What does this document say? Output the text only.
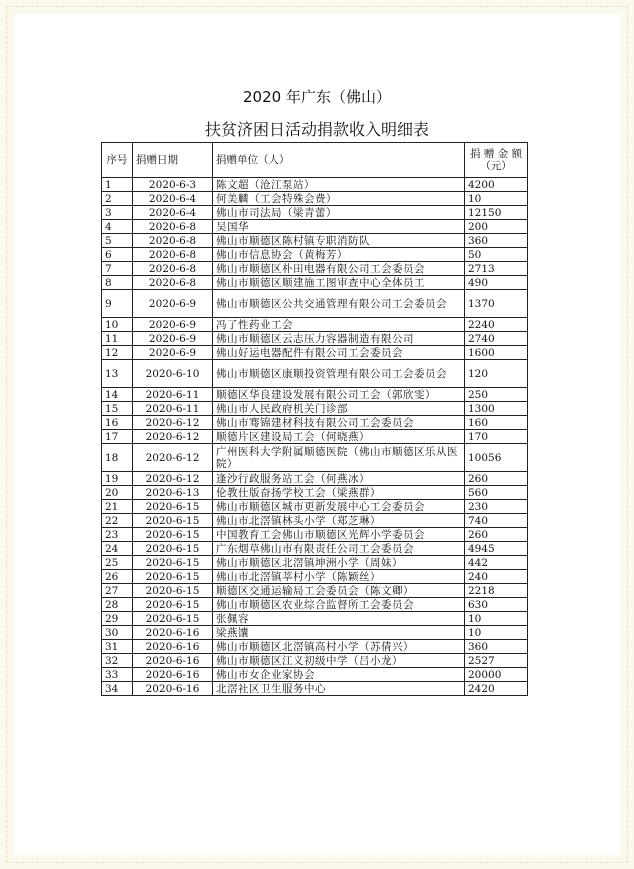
2020 年广东（佛山）
扶贫济困日活动捐款收入明细表
序号	捐赠日期	捐赠单位（人）	捐 赠 金 额（元）
1	2020-6-3	陈文超（沧江泵站）	4200
2	2020-6-4	何美麟（工会特殊会费）	10
3	2020-6-4	佛山市司法局（梁青蕾）	12150
4	2020-6-8	吴国华	200
5	2020-6-8	佛山市顺德区陈村镇专职消防队	360
6	2020-6-8	佛山市信息协会（黄梅芳）	50
7	2020-6-8	佛山市顺德区朴田电器有限公司工会委员会	2713
8	2020-6-8	佛山市顺德区顺建施工图审查中心全体员工	490
9	2020-6-9	佛山市顺德区公共交通管理有限公司工会委员会	1370
10	2020-6-9	冯了性药业工会	2240
11	2020-6-9	佛山市顺德区云志压力容器制造有限公司	2740
12	2020-6-9	佛山好运电器配件有限公司工会委员会	1600
13	2020-6-10	佛山市顺德区康顺投资管理有限公司工会委员会	120
14	2020-6-11	顺德区华良建设发展有限公司工会（郭欣雯）	250
15	2020-6-11	佛山市人民政府机关门诊部	1300
16	2020-6-12	佛山市骞锦建材科技有限公司工会委员会	160
17	2020-6-12	顺德片区建设局工会（何晓燕）	170
18	2020-6-12	广州医科大学附属顺德医院（佛山市顺德区乐从医院）	10056
19	2020-6-12	逢沙行政服务站工会（何燕冰）	260
20	2020-6-13	伦教仕版奋扬学校工会（梁燕群）	560
21	2020-6-15	佛山市顺德区城市更新发展中心工会委员会	230
22	2020-6-15	佛山市北滘镇林头小学（郑芝琳）	740
23	2020-6-15	中国教育工会佛山市顺德区光辉小学委员会	260
24	2020-6-15	广东烟草佛山市有限责任公司工会委员会	4945
25	2020-6-15	佛山市顺德区北滘镇坤洲小学（周妹）	442
26	2020-6-15	佛山市北滘镇莘村小学（陈颖丝）	240
27	2020-6-15	顺德区交通运输局工会委员会（陈文卿）	2218
28	2020-6-15	佛山市顺德区农业综合监督所工会委员会	630
29	2020-6-15	张佩容	10
30	2020-6-16	梁燕馕	10
31	2020-6-16	佛山市顺德区北滘镇高村小学（苏倩兴）	360
32	2020-6-16	佛山市顺德区江义初级中学（吕小龙）	2527
33	2020-6-16	佛山市女企业家协会	20000
34	2020-6-16	北滘社区卫生服务中心	2420
